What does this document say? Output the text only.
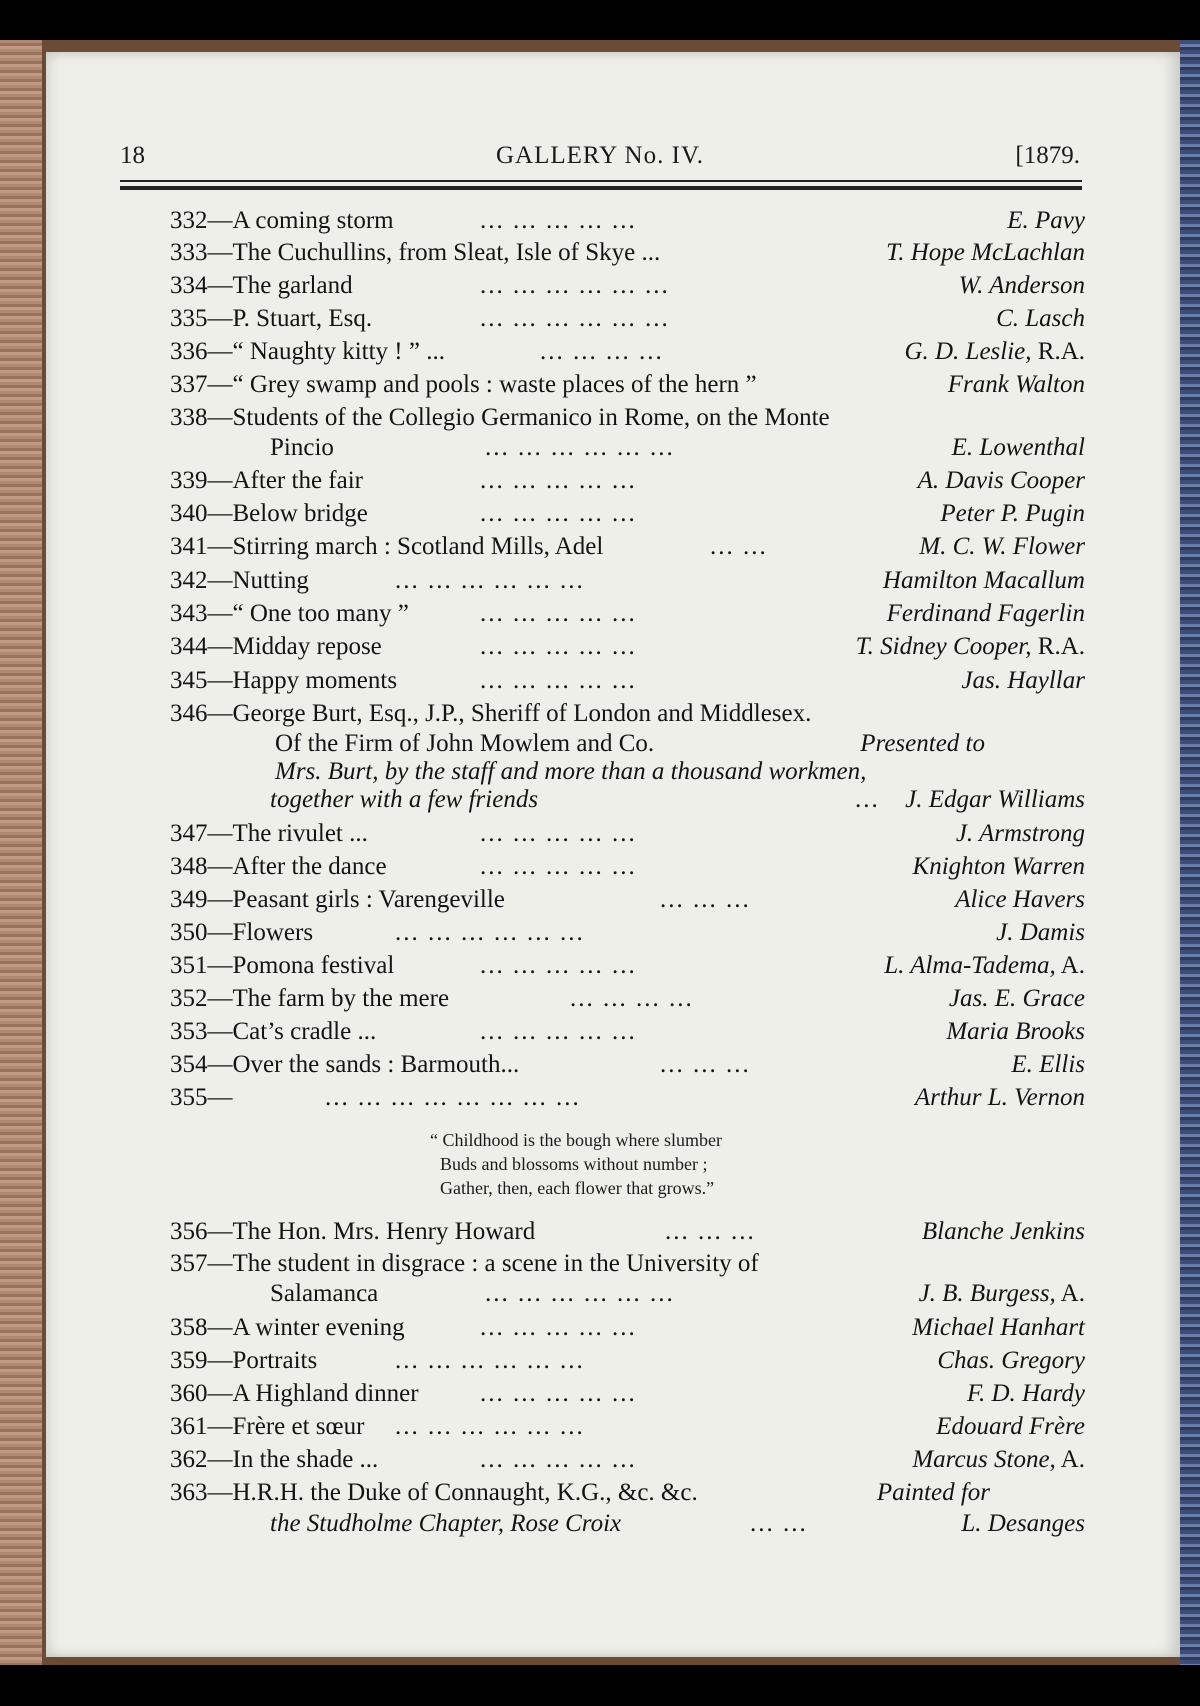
18	GALLERY No. IV.	[1879.
332—A coming storm	... ... ... ... ...	E. Pavy
333—The Cuchullins, from Sleat, Isle of Skye ...	T. Hope McLachlan
334—The garland	... ... ... ... ... ...	W. Anderson
335—P. Stuart, Esq.	... ... ... ... ... ...	C. Lasch
336—“ Naughty kitty ! ” ...	... ... ... ...	G. D. Leslie, R.A.
337—“ Grey swamp and pools : waste places of the hern ”	Frank Walton
338—Students of the Collegio Germanico in Rome, on the Monte
Pincio	... ... ... ... ... ...	E. Lowenthal
339—After the fair	... ... ... ... ...	A. Davis Cooper
340—Below bridge	... ... ... ... ...	Peter P. Pugin
341—Stirring march : Scotland Mills, Adel	... ...	M. C. W. Flower
342—Nutting	... ... ... ... ... ...	Hamilton Macallum
343—“ One too many ”	... ... ... ... ...	Ferdinand Fagerlin
344—Midday repose	... ... ... ... ...	T. Sidney Cooper, R.A.
345—Happy moments	... ... ... ... ...	Jas. Hayllar
346—George Burt, Esq., J.P., Sheriff of London and Middlesex.
Of the Firm of John Mowlem and Co.	Presented to
Mrs. Burt, by the staff and more than a thousand workmen,
together with a few friends	... J. Edgar Williams
347—The rivulet ...	... ... ... ... ...	J. Armstrong
348—After the dance	... ... ... ... ...	Knighton Warren
349—Peasant girls : Varengeville	... ... ...	Alice Havers
350—Flowers	... ... ... ... ... ...	J. Damis
351—Pomona festival	... ... ... ... ...	L. Alma-Tadema, A.
352—The farm by the mere	... ... ... ...	Jas. E. Grace
353—Cat’s cradle ...	... ... ... ... ...	Maria Brooks
354—Over the sands : Barmouth...	... ... ...	E. Ellis
355—	... ... ... ... ... ... ... ...	Arthur L. Vernon
“ Childhood is the bough where slumber
Buds and blossoms without number ;
Gather, then, each flower that grows.”
356—The Hon. Mrs. Henry Howard	... ... ...	Blanche Jenkins
357—The student in disgrace : a scene in the University of
Salamanca	... ... ... ... ... ...	J. B. Burgess, A.
358—A winter evening	... ... ... ... ...	Michael Hanhart
359—Portraits	... ... ... ... ... ...	Chas. Gregory
360—A Highland dinner ... ... ... ... ...	F. D. Hardy
361—Frère et sœur ... ... ... ... ... ...	Edouard Frère
362—In the shade ...	... ... ... ... ...	Marcus Stone, A.
363—H.R.H. the Duke of Connaught, K.G., &c. &c.	Painted for
the Studholme Chapter, Rose Croix	... ...	L. Desanges
